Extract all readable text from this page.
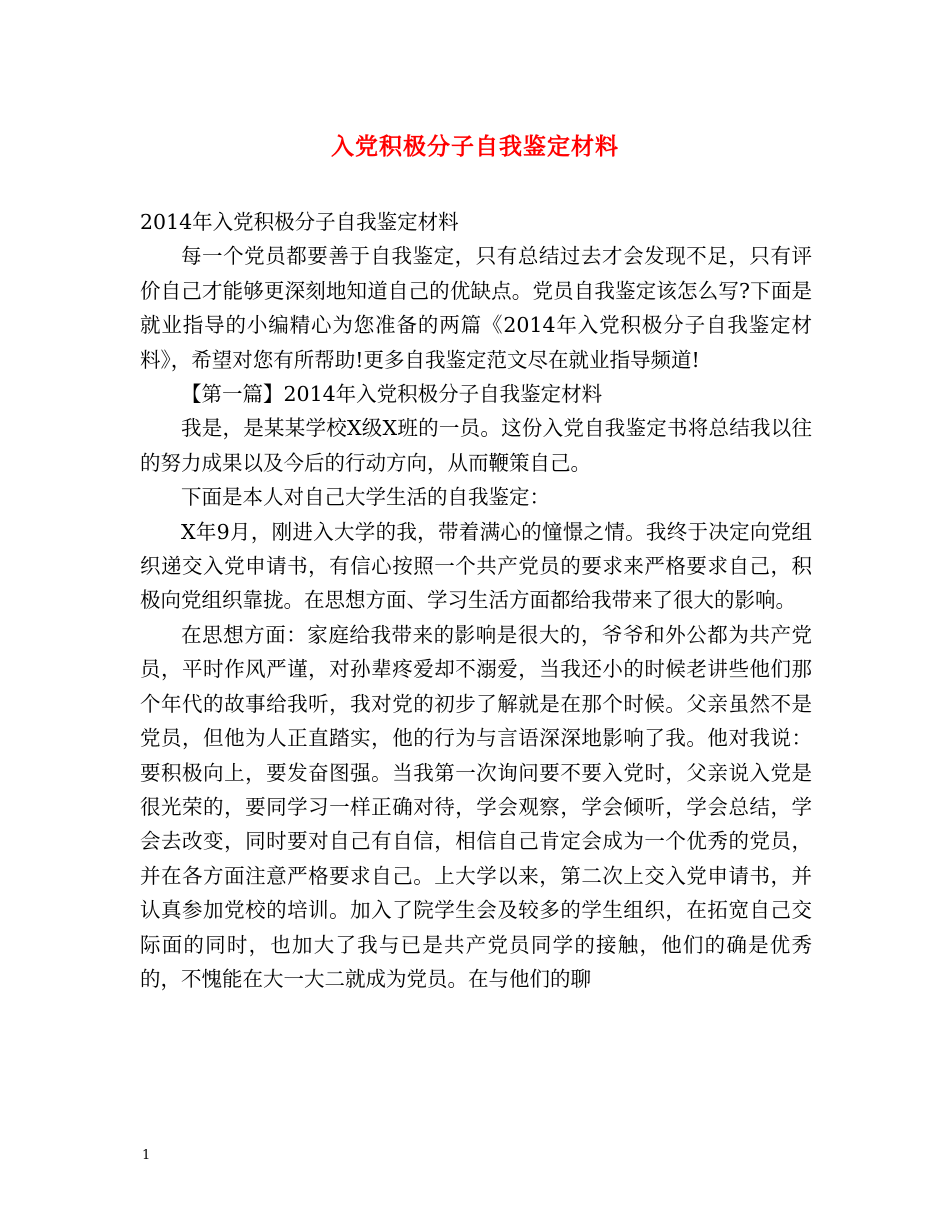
入党积极分子自我鉴定材料

2014年入党积极分子自我鉴定材料

每一个党员都要善于自我鉴定，只有总结过去才会发现不足，只有评价自己才能够更深刻地知道自己的优缺点。党员自我鉴定该怎么写?下面是就业指导的小编精心为您准备的两篇《2014年入党积极分子自我鉴定材料》，希望对您有所帮助!更多自我鉴定范文尽在就业指导频道!

【第一篇】2014年入党积极分子自我鉴定材料

我是，是某某学校X级X班的一员。这份入党自我鉴定书将总结我以往的努力成果以及今后的行动方向，从而鞭策自己。

下面是本人对自己大学生活的自我鉴定：

X年9月，刚进入大学的我，带着满心的憧憬之情。我终于决定向党组织递交入党申请书，有信心按照一个共产党员的要求来严格要求自己，积极向党组织靠拢。在思想方面、学习生活方面都给我带来了很大的影响。

在思想方面：家庭给我带来的影响是很大的，爷爷和外公都为共产党员，平时作风严谨，对孙辈疼爱却不溺爱，当我还小的时候老讲些他们那个年代的故事给我听，我对党的初步了解就是在那个时候。父亲虽然不是党员，但他为人正直踏实，他的行为与言语深深地影响了我。他对我说：要积极向上，要发奋图强。当我第一次询问要不要入党时，父亲说入党是很光荣的，要同学习一样正确对待，学会观察，学会倾听，学会总结，学会去改变，同时要对自己有自信，相信自己肯定会成为一个优秀的党员，并在各方面注意严格要求自己。上大学以来，第二次上交入党申请书，并认真参加党校的培训。加入了院学生会及较多的学生组织，在拓宽自己交际面的同时，也加大了我与已是共产党员同学的接触，他们的确是优秀的，不愧能在大一大二就成为党员。在与他们的聊

1
